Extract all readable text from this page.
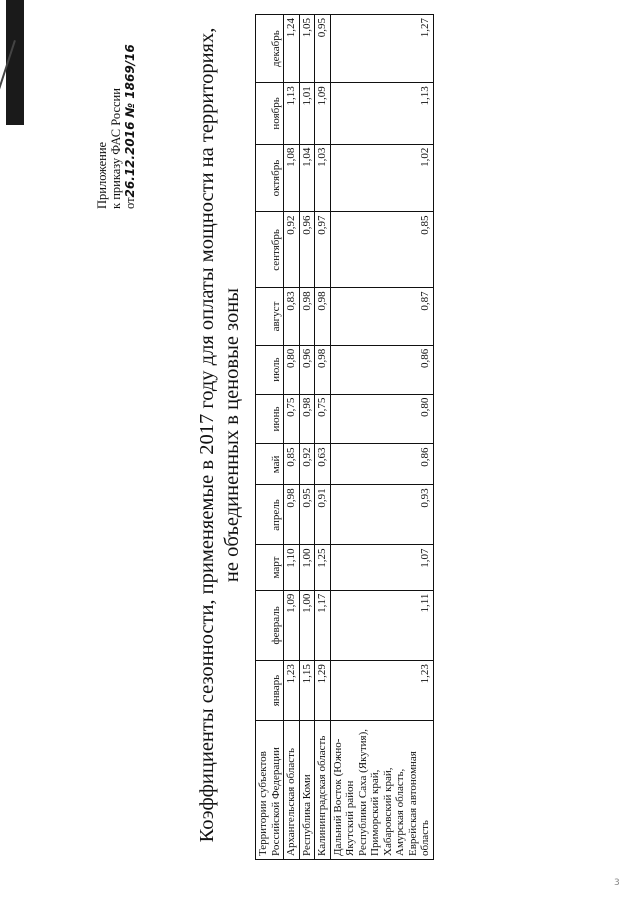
Приложение к приказу ФАС России от26.12.2016 № 1869/16	Коэффициенты сезонности, применяемые в 2017 году для оплаты мощности на территориях, не объединенных в ценовые зоны
Территории субъектов Российской Федерации	январь	февраль	март	апрель	май	июнь	июль	август	сентябрь	октябрь	ноябрь	декабрь
Архангельская область	1,23	1,09	1,10	0,98	0,85	0,75	0,80	0,83	0,92	1,08	1,13	1,24
Республика Коми	1,15	1,00	1,00	0,95	0,92	0,98	0,96	0,98	0,96	1,04	1,01	1,05
Калининградская область	1,29	1,17	1,25	0,91	0,63	0,75	0,98	0,98	0,97	1,03	1,09	0,95
Дальний Восток (Южно-Якутский район Республики Саха (Якутия), Приморский край, Хабаровский край, Амурская область, Еврейская автономная область	1,23	1,11	1,07	0,93	0,86	0,80	0,86	0,87	0,85	1,02	1,13	1,27
3
